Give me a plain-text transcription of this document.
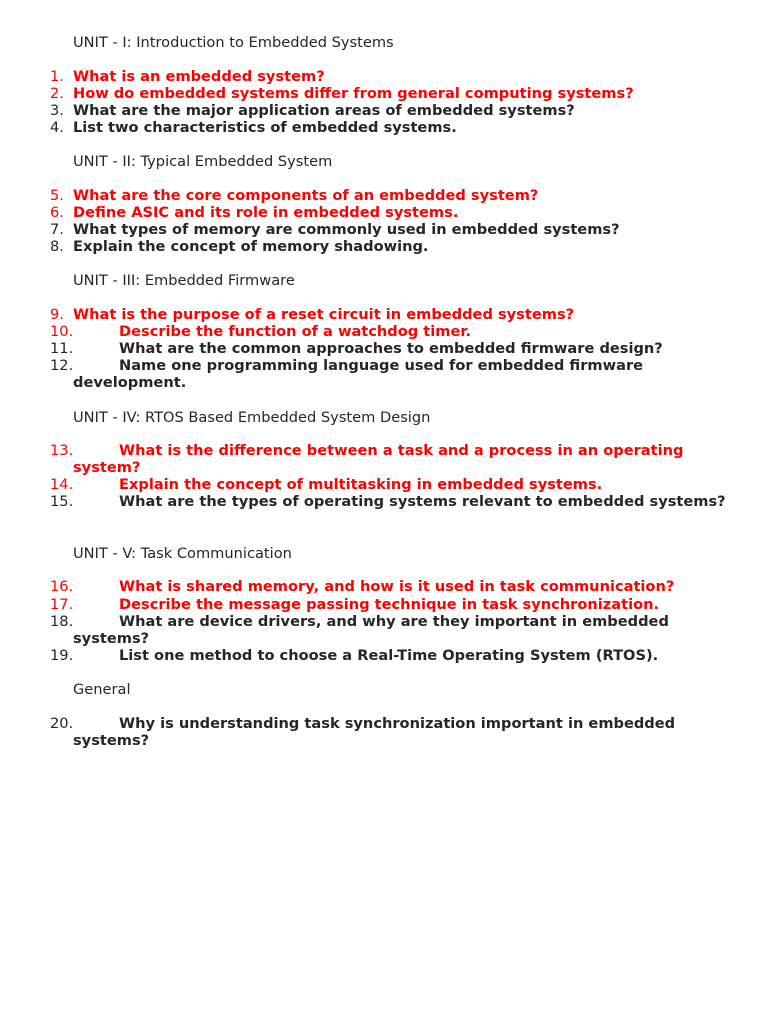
UNIT - I: Introduction to Embedded Systems
1. What is an embedded system?
2. How do embedded systems differ from general computing systems?
3. What are the major application areas of embedded systems?
4. List two characteristics of embedded systems.
UNIT - II: Typical Embedded System
5. What are the core components of an embedded system?
6. Define ASIC and its role in embedded systems.
7. What types of memory are commonly used in embedded systems?
8. Explain the concept of memory shadowing.
UNIT - III: Embedded Firmware
9. What is the purpose of a reset circuit in embedded systems?
10.	Describe the function of a watchdog timer.
11.	What are the common approaches to embedded firmware design?
12.	Name one programming language used for embedded firmware development.
UNIT - IV: RTOS Based Embedded System Design
13.	What is the difference between a task and a process in an operating system?
14.	Explain the concept of multitasking in embedded systems.
15.	What are the types of operating systems relevant to embedded systems?
UNIT - V: Task Communication
16.	What is shared memory, and how is it used in task communication?
17.	Describe the message passing technique in task synchronization.
18.	What are device drivers, and why are they important in embedded systems?
19.	List one method to choose a Real-Time Operating System (RTOS).
General
20.	Why is understanding task synchronization important in embedded systems?
